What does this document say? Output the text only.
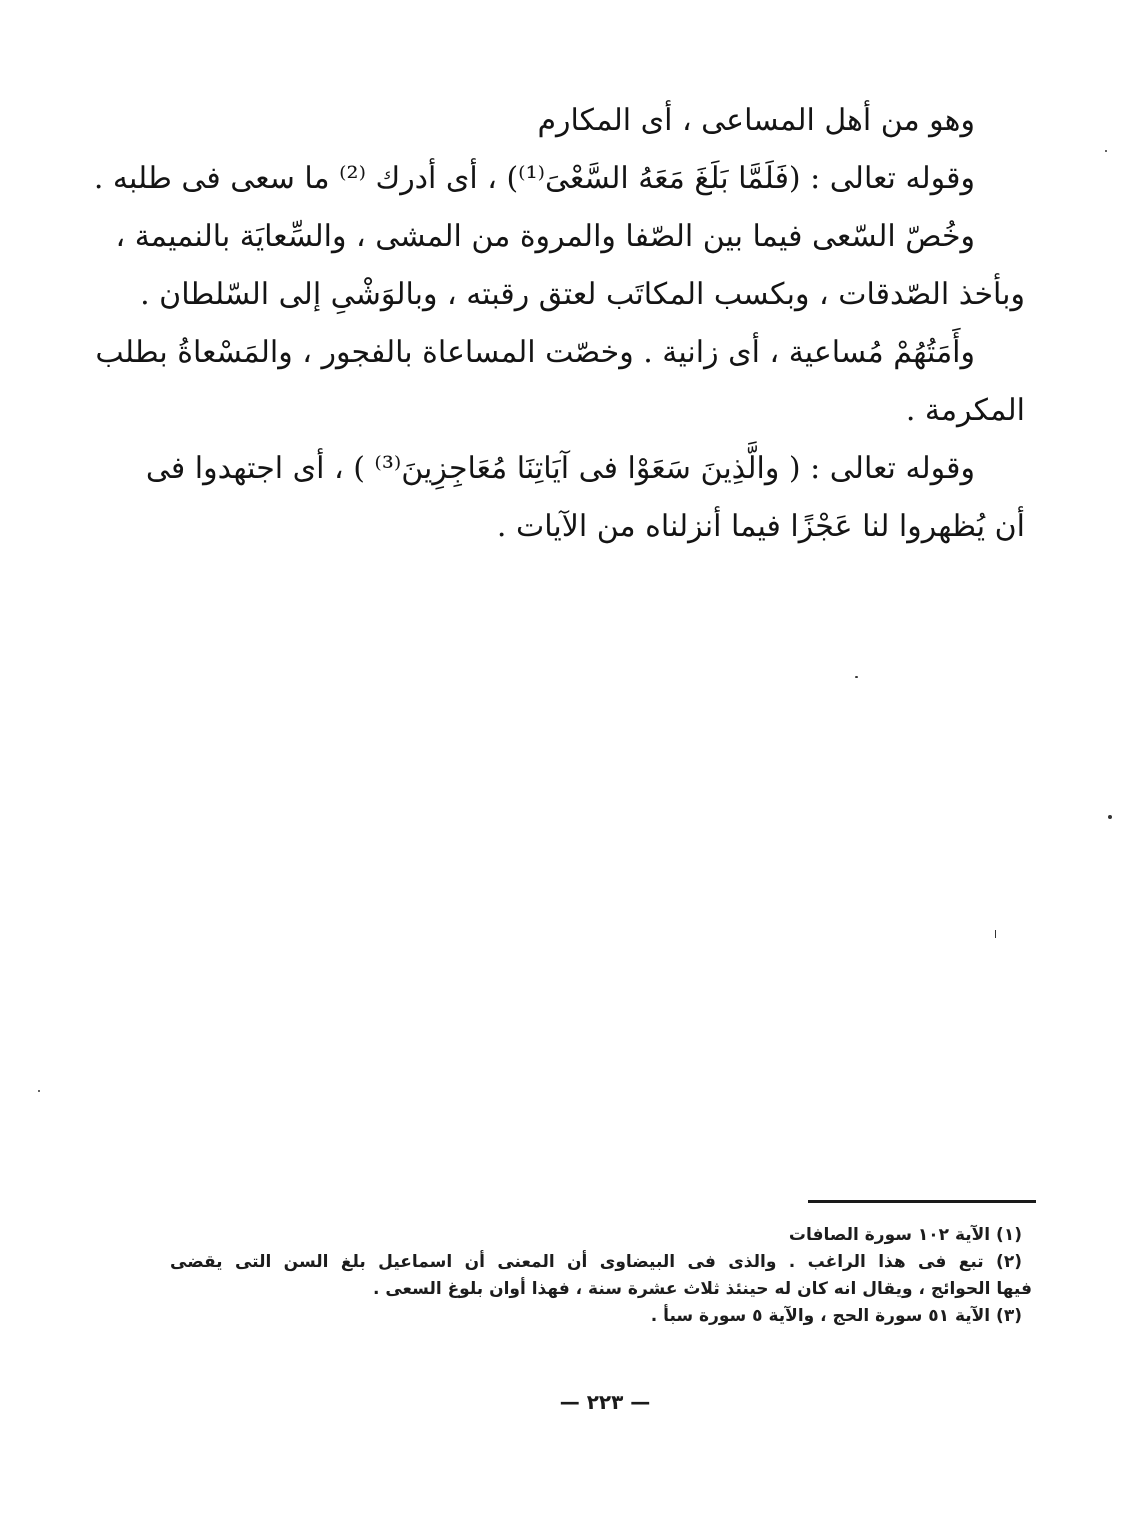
وهو من أهل المساعى ، أى المكارم
وقوله تعالى : (فَلَمَّا بَلَغَ مَعَهُ السَّعْىَ⁽¹⁾) ، أى أدرك ⁽²⁾ ما سعى فى طلبه .
وخُصّ السّعى فيما بين الصّفا والمروة من المشى ، والسِّعايَة بالنميمة ،
وبأخذ الصّدقات ، وبكسب المكاتَب لعتق رقبته ، وبالوَشْىِ إلى السّلطان .
وأَمَتُهُمْ مُساعية ، أى زانية . وخصّت المساعاة بالفجور ، والمَسْعاةُ بطلب
المكرمة .
وقوله تعالى : ( والَّذِينَ سَعَوْا فى آيَاتِنَا مُعَاجِزِينَ⁽³⁾ ) ، أى اجتهدوا فى
أن يُظهروا لنا عَجْزًا فيما أنزلناه من الآيات .
(١) الآية ١٠٢ سورة الصافات
(٢) تبع فى هذا الراغب . والذى فى البيضاوى أن المعنى أن اسماعيل بلغ السن التى يقضى
فيها الحوائج ، ويقال انه كان له حينئذ ثلاث عشرة سنة ، فهذا أوان بلوغ السعى .
(٣) الآية ٥١ سورة الحج ، والآية ٥ سورة سبأ .
— ٢٢٣ —
